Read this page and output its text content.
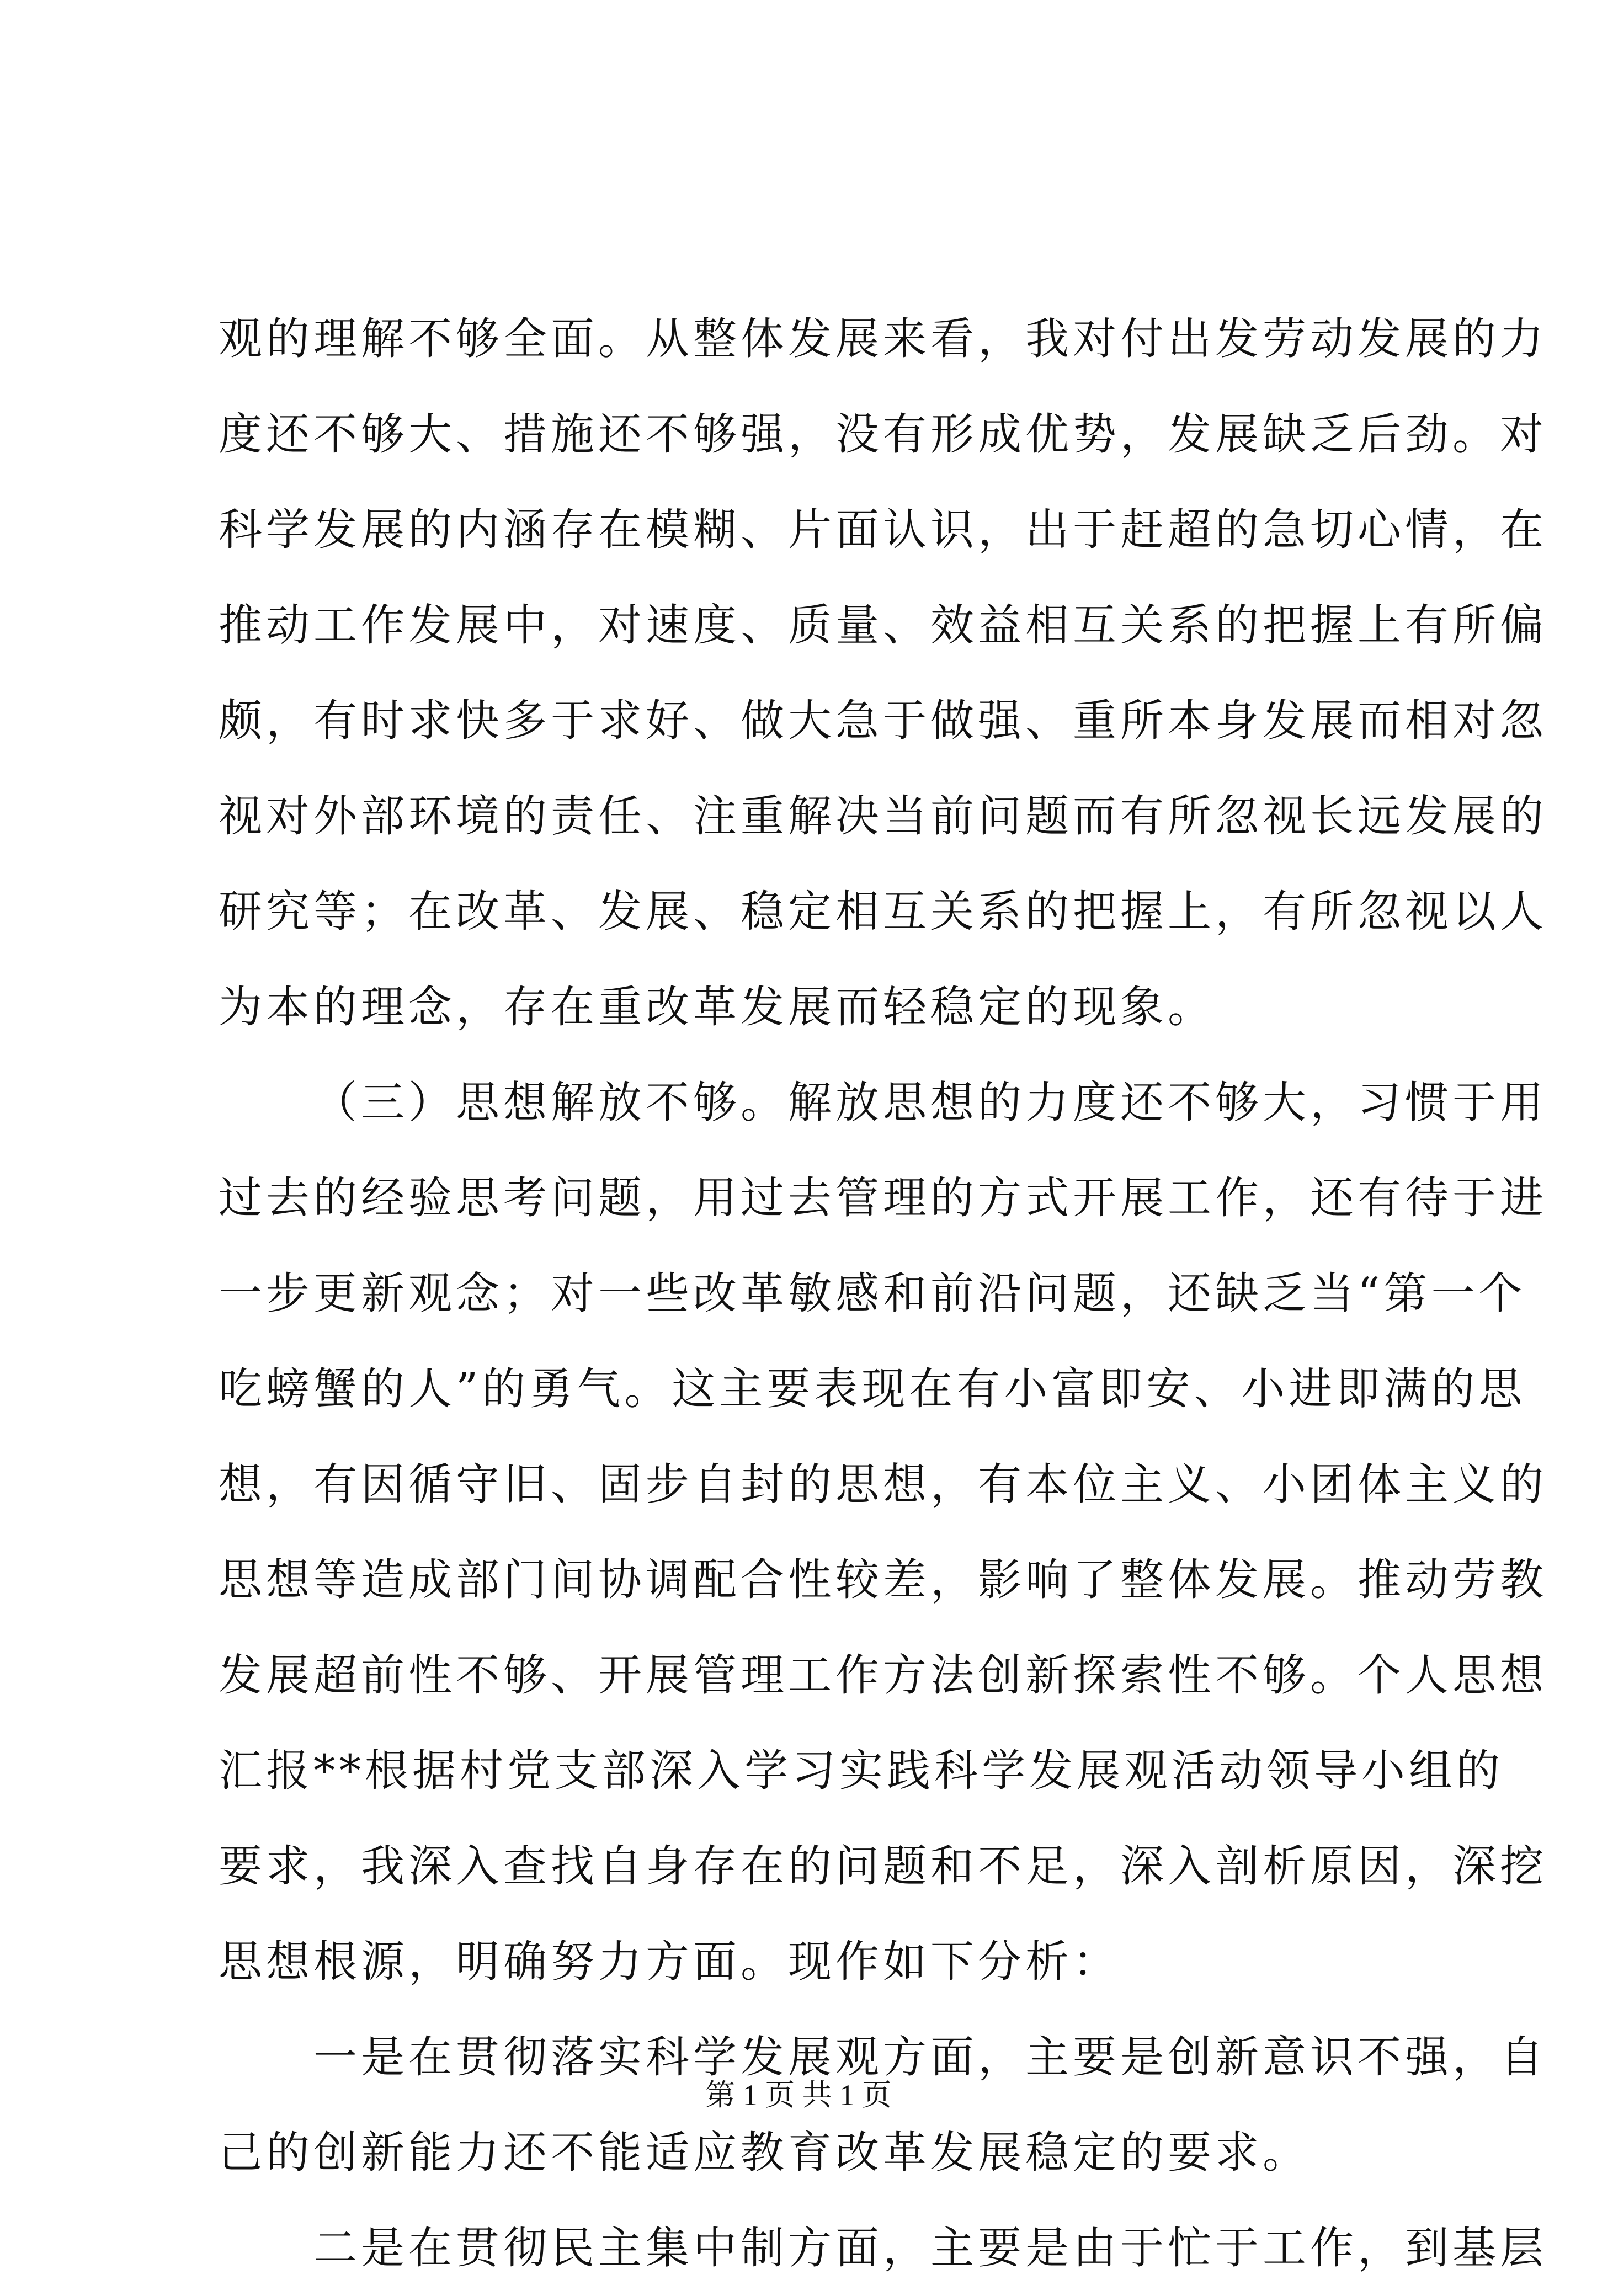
观的理解不够全面。从整体发展来看，我对付出发劳动发展的力
度还不够大、措施还不够强，没有形成优势，发展缺乏后劲。对
科学发展的内涵存在模糊、片面认识，出于赶超的急切心情，在
推动工作发展中，对速度、质量、效益相互关系的把握上有所偏
颇，有时求快多于求好、做大急于做强、重所本身发展而相对忽
视对外部环境的责任、注重解决当前问题而有所忽视长远发展的
研究等；在改革、发展、稳定相互关系的把握上，有所忽视以人
为本的理念，存在重改革发展而轻稳定的现象。
（三）思想解放不够。解放思想的力度还不够大，习惯于用
过去的经验思考问题，用过去管理的方式开展工作，还有待于进
一步更新观念；对一些改革敏感和前沿问题，还缺乏当“第一个
吃螃蟹的人”的勇气。这主要表现在有小富即安、小进即满的思
想，有因循守旧、固步自封的思想，有本位主义、小团体主义的
思想等造成部门间协调配合性较差，影响了整体发展。推动劳教
发展超前性不够、开展管理工作方法创新探索性不够。个人思想
汇报**根据村党支部深入学习实践科学发展观活动领导小组的
要求，我深入查找自身存在的问题和不足，深入剖析原因，深挖
思想根源，明确努力方面。现作如下分析：
一是在贯彻落实科学发展观方面，主要是创新意识不强，自
己的创新能力还不能适应教育改革发展稳定的要求。
二是在贯彻民主集中制方面，主要是由于忙于工作，到基层
第 1 页 共 1 页
